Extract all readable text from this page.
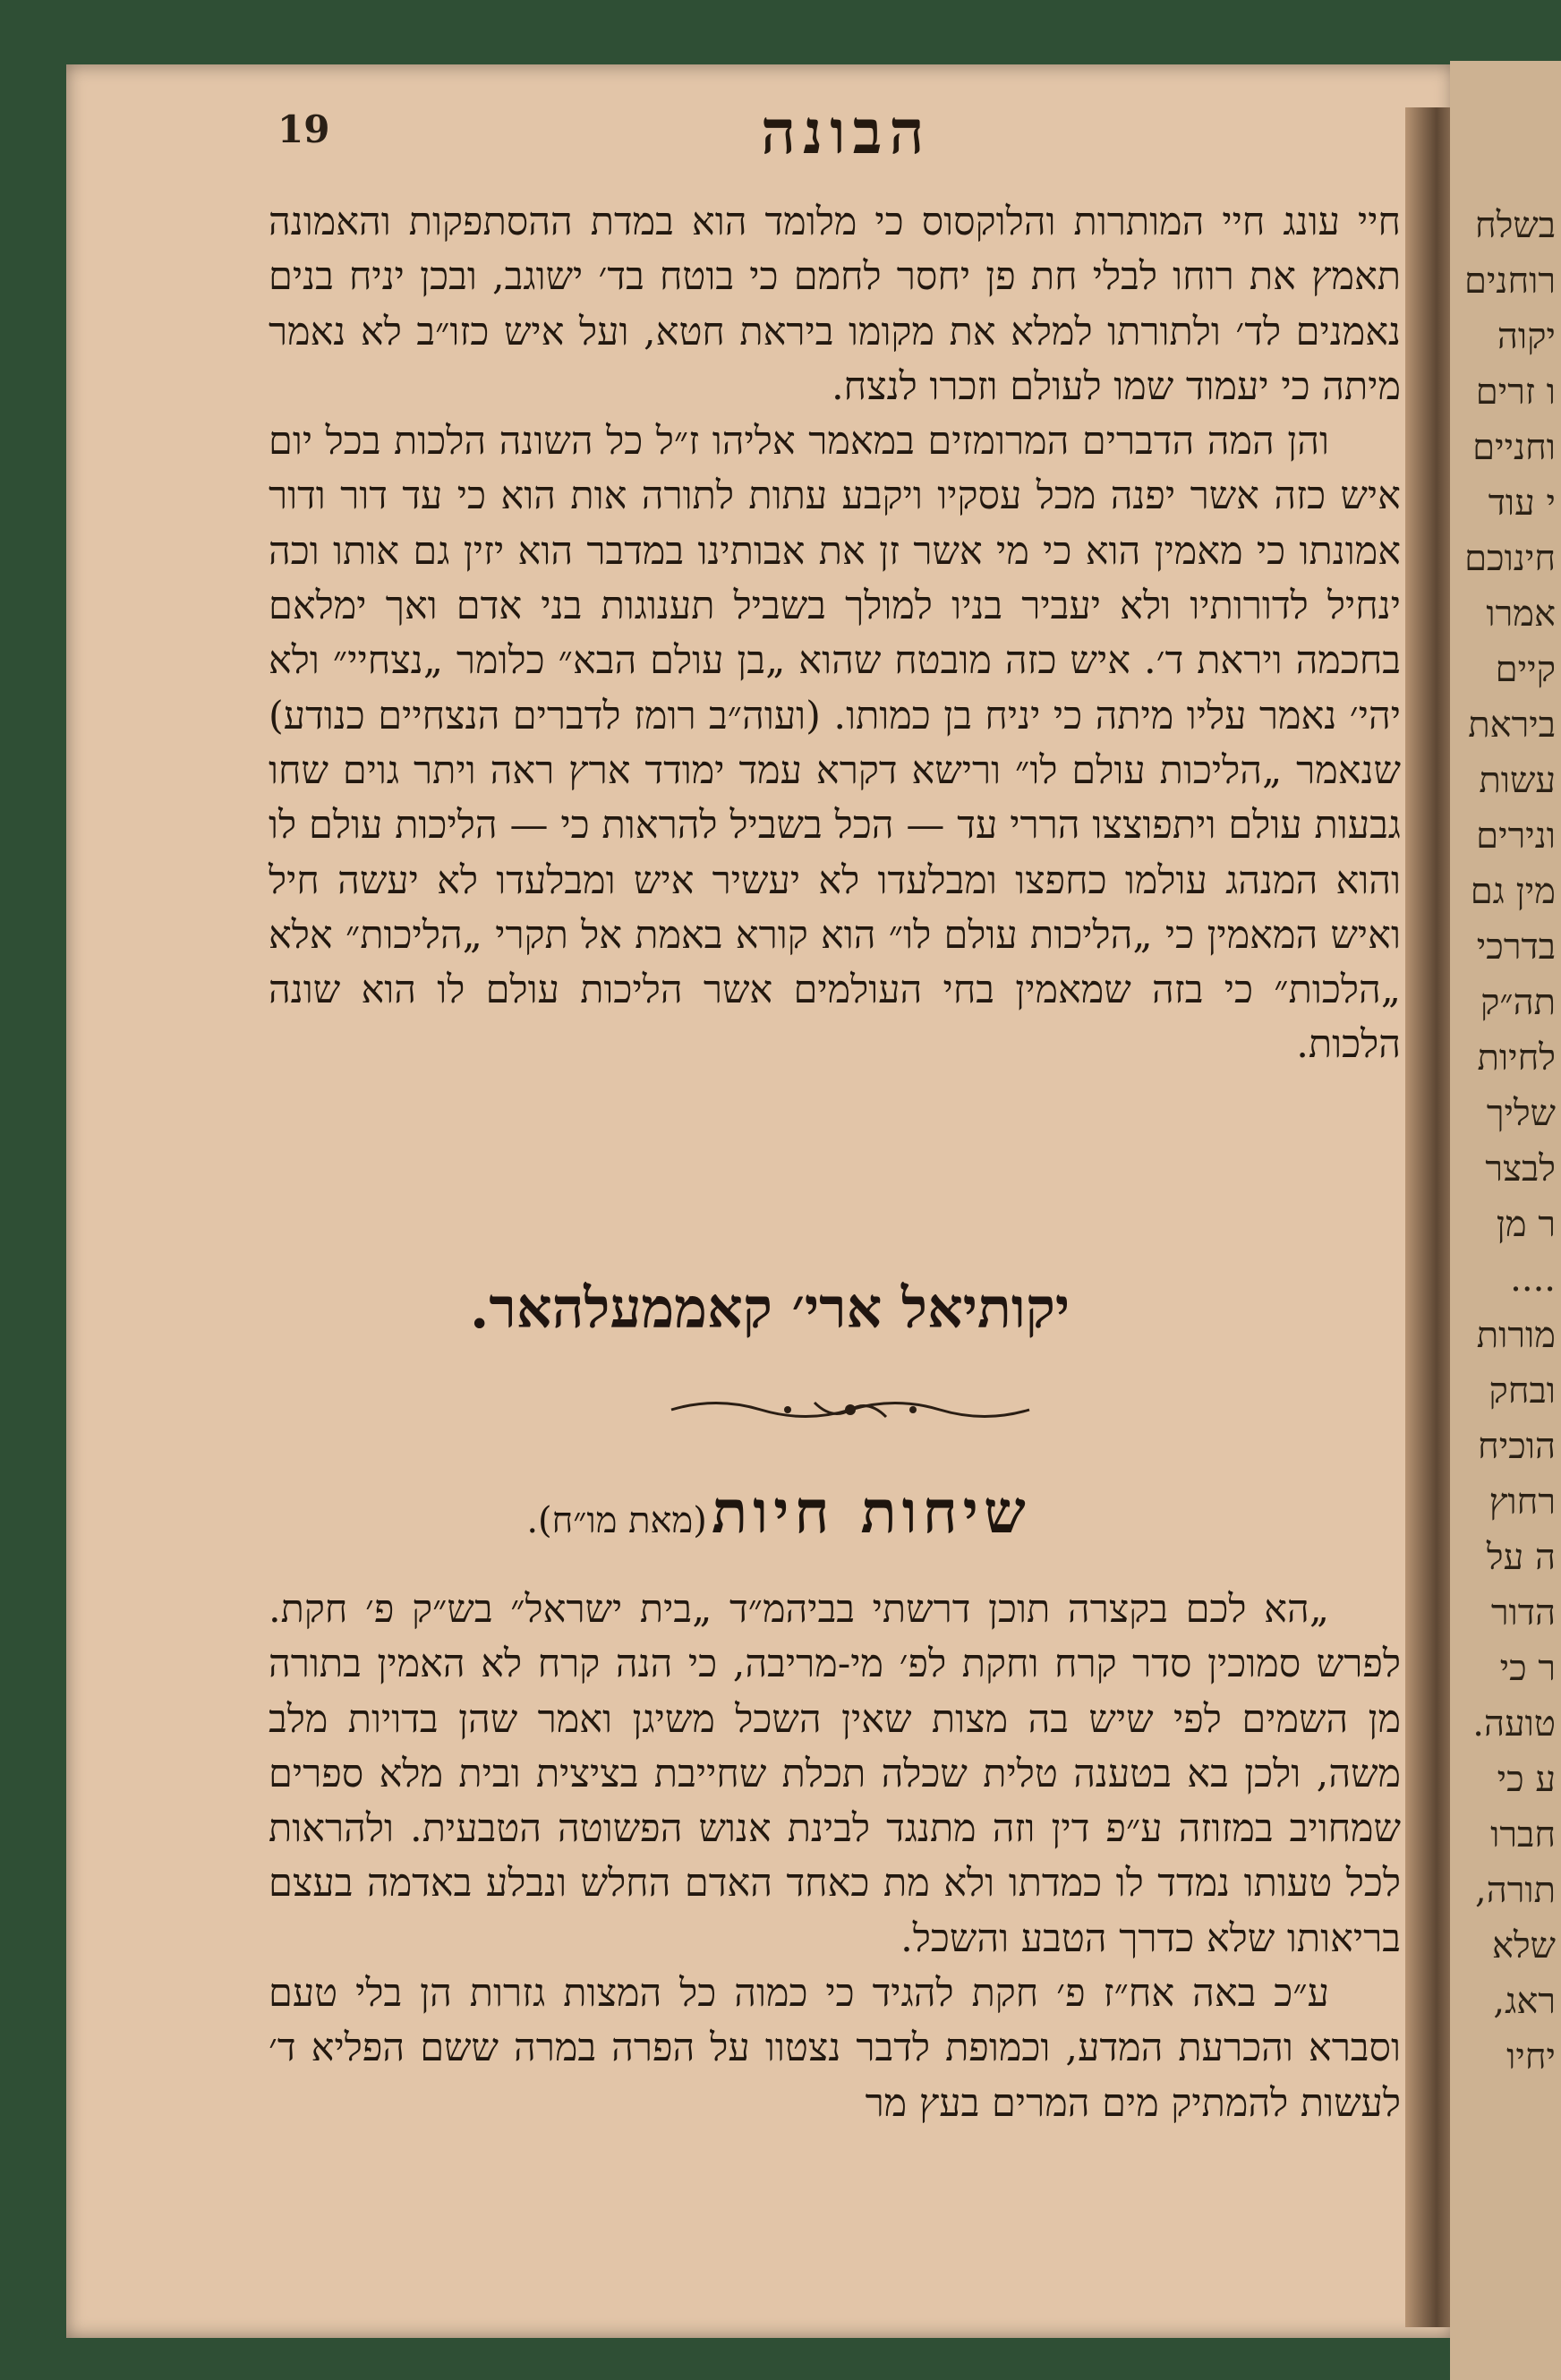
בשלח
רוחנים
יקוה
ו זרים
וחניים
י עוד
חינוכם
אמרו
קיים
ביראת
עשות
ונירים
מין גם
בדרכי
תה״ק
לחיות
שליך
לבצר
ר מן
....
מורות
ובחק
הוכיח
רחוץ
ה על
הדור
ר כי
טועה.
ע כי
חברו
תורה,
שלא
ראג,
יחיו
19	הבונה

חיי עונג חיי המותרות והלוקסוס כי מלומד הוא במדת ההסתפקות והאמונה תאמץ את רוחו לבלי חת פן יחסר לחמם כי בוטח בד׳ ישוגב, ובכן יניח בנים נאמנים לד׳ ולתורתו למלא את מקומו ביראת חטא, ועל איש כזו״ב לא נאמר מיתה כי יעמוד שמו לעולם וזכרו לנצח.

והן המה הדברים המרומזים במאמר אליהו ז״ל כל השונה הלכות בכל יום איש כזה אשר יפנה מכל עסקיו ויקבע עתות לתורה אות הוא כי עד דור ודור אמונתו כי מאמין הוא כי מי אשר זן את אבותינו במדבר הוא יזין גם אותו וכה ינחיל לדורותיו ולא יעביר בניו למולך בשביל תענוגות בני אדם ואך ימלאם בחכמה ויראת ד׳. איש כזה מובטח שהוא „בן עולם הבא״ כלומר „נצחיי״ ולא יהי׳ נאמר עליו מיתה כי יניח בן כמותו. (ועוה״ב רומז לדברים הנצחיים כנודע) שנאמר „הליכות עולם לו״ ורישא דקרא עמד ימודד ארץ ראה ויתר גוים שחו גבעות עולם ויתפוצצו הררי עד — הכל בשביל להראות כי — הליכות עולם לו והוא המנהג עולמו כחפצו ומבלעדו לא יעשיר איש ומבלעדו לא יעשה חיל ואיש המאמין כי „הליכות עולם לו״ הוא קורא באמת אל תקרי „הליכות״ אלא „הלכות״ כי בזה שמאמין בחי העולמים אשר הליכות עולם לו הוא שונה הלכות.

יקותיאל ארי׳ קאממעלהאר.
שיחות חיות (מאת מו״ח).

„הא לכם בקצרה תוכן דרשתי בביהמ״ד „בית ישראל״ בש״ק פ׳ חקת. לפרש סמוכין סדר קרח וחקת לפ׳ מי-מריבה, כי הנה קרח לא האמין בתורה מן השמים לפי שיש בה מצות שאין השכל משיגן ואמר שהן בדויות מלב משה, ולכן בא בטענה טלית שכלה תכלת שחייבת בציצית ובית מלא ספרים שמחויב במזוזה ע״פ דין וזה מתנגד לבינת אנוש הפשוטה הטבעית. ולהראות לכל טעותו נמדד לו כמדתו ולא מת כאחד האדם החלש ונבלע באדמה בעצם בריאותו שלא כדרך הטבע והשכל.

ע״כ באה אח״ז פ׳ חקת להגיד כי כמוה כל המצות גזרות הן בלי טעם וסברא והכרעת המדע, וכמופת לדבר נצטוו על הפרה במרה ששם הפליא ד׳ לעשות להמתיק מים המרים בעץ מר
